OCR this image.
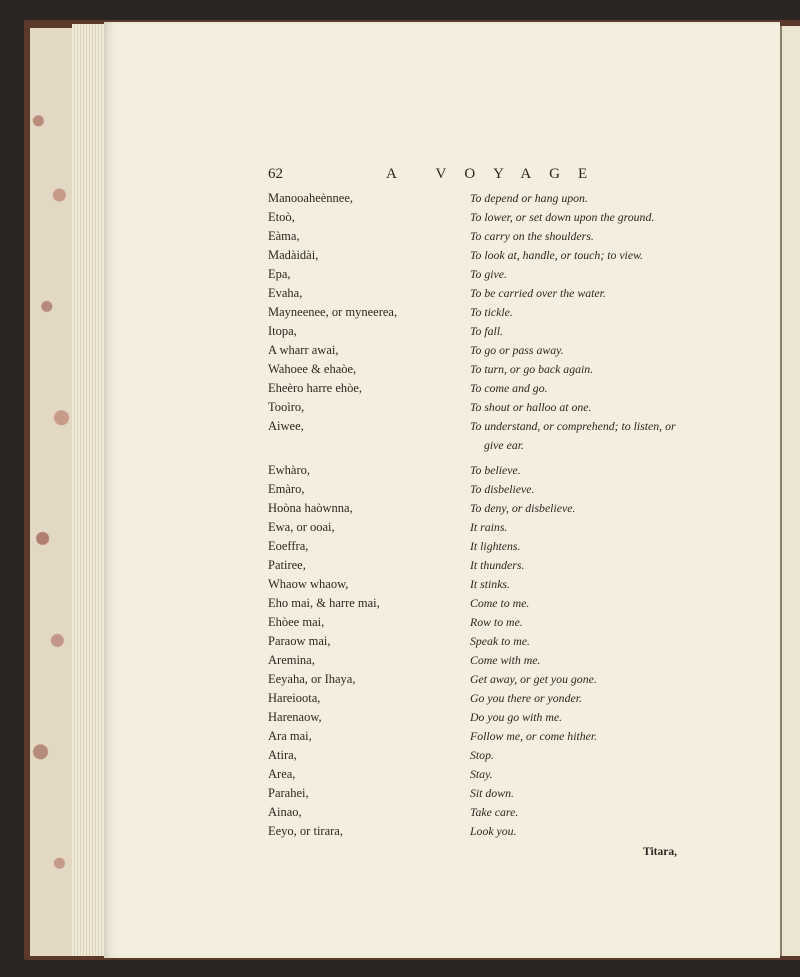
62	A VOYAGE
Manooaheènnee,	To depend or hang upon.
Etoò,	To lower, or set down upon the ground.
Eàma,	To carry on the shoulders.
Madàidài,	To look at, handle, or touch; to view.
Epa,	To give.
Evaha,	To be carried over the water.
Mayneenee, or myneerea,	To tickle.
Itopa,	To fall.
A wharr awai,	To go or pass away.
Wahoee & ehaòe,	To turn, or go back again.
Eheèro harre ehòe,	To come and go.
Tooìro,	To shout or halloo at one.
Aiwee,	To understand, or comprehend; to listen, or
give ear.
Ewhàro,	To believe.
Emàro,	To disbelieve.
Hoòna haòwnna,	To deny, or disbelieve.
Ewa, or ooai,	It rains.
Eoeffra,	It lightens.
Patiree,	It thunders.
Whaow whaow,	It stinks.
Eho mai, & harre mai,	Come to me.
Ehòee mai,	Row to me.
Paraow mai,	Speak to me.
Aremina,	Come with me.
Eeyaha, or Ihaya,	Get away, or get you gone.
Hareioota,	Go you there or yonder.
Harenaow,	Do you go with me.
Ara mai,	Follow me, or come hither.
Atira,	Stop.
Area,	Stay.
Parahei,	Sit down.
Ainao,	Take care.
Eeyo, or tirara,	Look you.
Titara,
